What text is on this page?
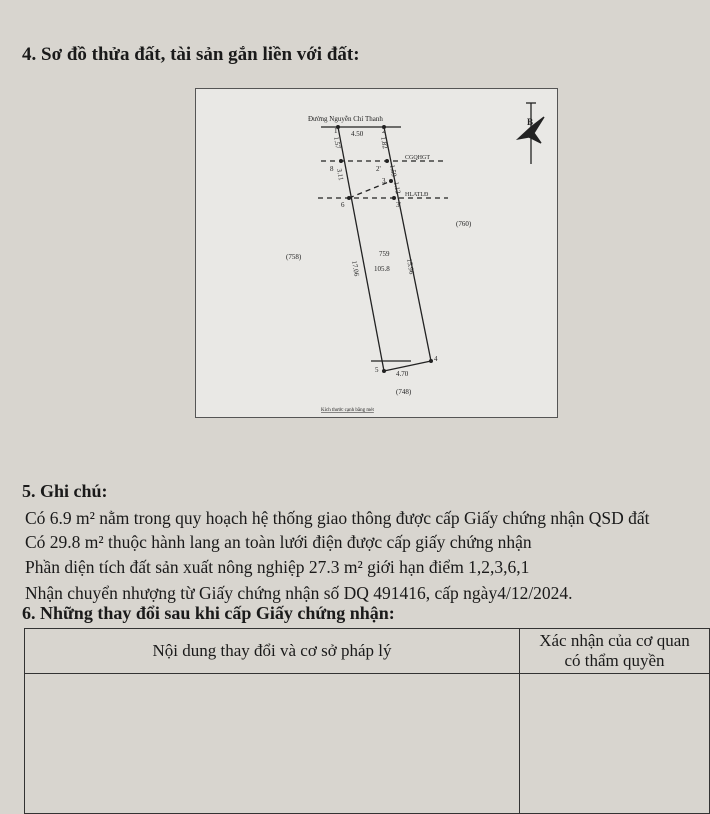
4. Sơ đồ thửa đất, tài sản gắn liền với đất:
Đường Nguyễn Chí Thanh
1	2
8	2'
3
6	3'
4
5
4.50
4.70
1.57	1.82
3.11	1.59
1.12
17.06	15.96
CGQHGT
HLATLĐ
(758)
(760)
(748)
759
105.8
Kích thước cạnh bằng mét
B
5. Ghi chú:
Có 6.9 m² nằm trong quy hoạch hệ thống giao thông được cấp Giấy chứng nhận QSD đất
Có 29.8 m² thuộc hành lang an toàn lưới điện được cấp giấy chứng nhận
Phần diện tích đất sản xuất nông nghiệp 27.3 m² giới hạn điểm 1,2,3,6,1
Nhận chuyển nhượng từ Giấy chứng nhận số DQ 491416, cấp ngày4/12/2024.
6. Những thay đổi sau khi cấp Giấy chứng nhận:
Nội dung thay đổi và cơ sở pháp lý	Xác nhận của cơ quan
có thẩm quyền
